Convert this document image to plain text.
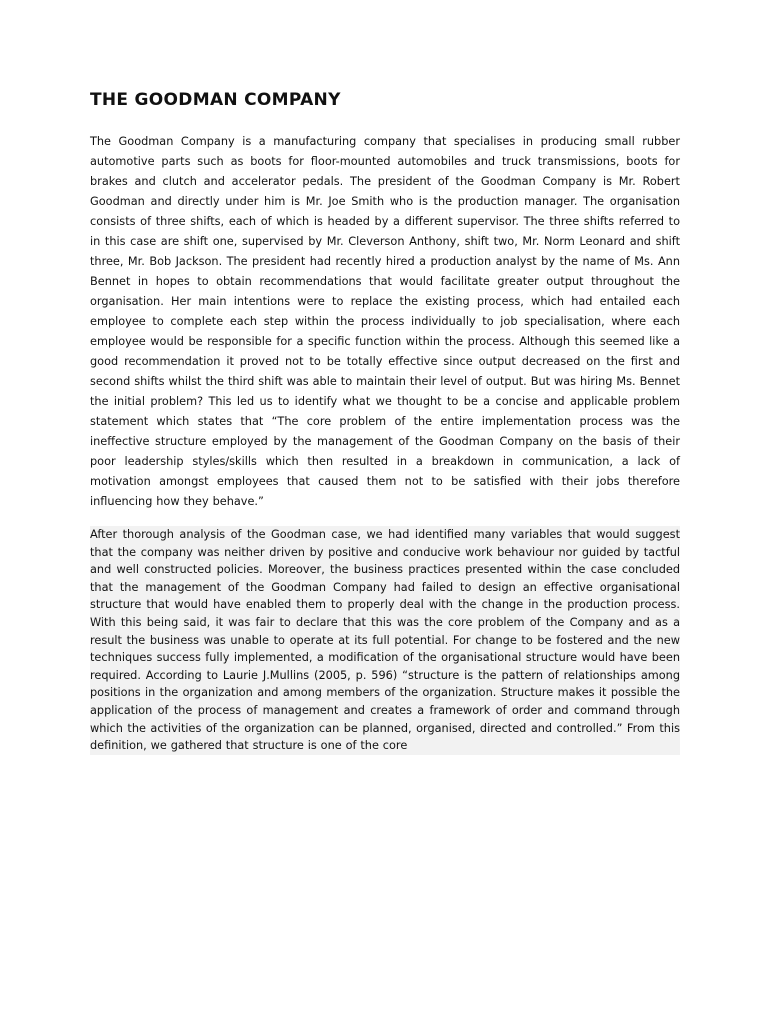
THE GOODMAN COMPANY

The Goodman Company is a manufacturing company that specialises in producing small rubber automotive parts such as boots for floor-mounted automobiles and truck transmissions, boots for brakes and clutch and accelerator pedals. The president of the Goodman Company is Mr. Robert Goodman and directly under him is Mr. Joe Smith who is the production manager. The organisation consists of three shifts, each of which is headed by a different supervisor. The three shifts referred to in this case are shift one, supervised by Mr. Cleverson Anthony, shift two, Mr. Norm Leonard and shift three, Mr. Bob Jackson. The president had recently hired a production analyst by the name of Ms. Ann Bennet in hopes to obtain recommendations that would facilitate greater output throughout the organisation. Her main intentions were to replace the existing process, which had entailed each employee to complete each step within the process individually to job specialisation, where each employee would be responsible for a specific function within the process. Although this seemed like a good recommendation it proved not to be totally effective since output decreased on the first and second shifts whilst the third shift was able to maintain their level of output. But was hiring Ms. Bennet the initial problem? This led us to identify what we thought to be a concise and applicable problem statement which states that “The core problem of the entire implementation process was the ineffective structure employed by the management of the Goodman Company on the basis of their poor leadership styles/skills which then resulted in a breakdown in communication, a lack of motivation amongst employees that caused them not to be satisfied with their jobs therefore influencing how they behave.”

After thorough analysis of the Goodman case, we had identified many variables that would suggest that the company was neither driven by positive and conducive work behaviour nor guided by tactful and well constructed policies. Moreover, the business practices presented within the case concluded that the management of the Goodman Company had failed to design an effective organisational structure that would have enabled them to properly deal with the change in the production process. With this being said, it was fair to declare that this was the core problem of the Company and as a result the business was unable to operate at its full potential. For change to be fostered and the new techniques success fully implemented, a modification of the organisational structure would have been required. According to Laurie J.Mullins (2005, p. 596) “structure is the pattern of relationships among positions in the organization and among members of the organization. Structure makes it possible the application of the process of management and creates a framework of order and command through which the activities of the organization can be planned, organised, directed and controlled.” From this definition, we gathered that structure is one of the core
